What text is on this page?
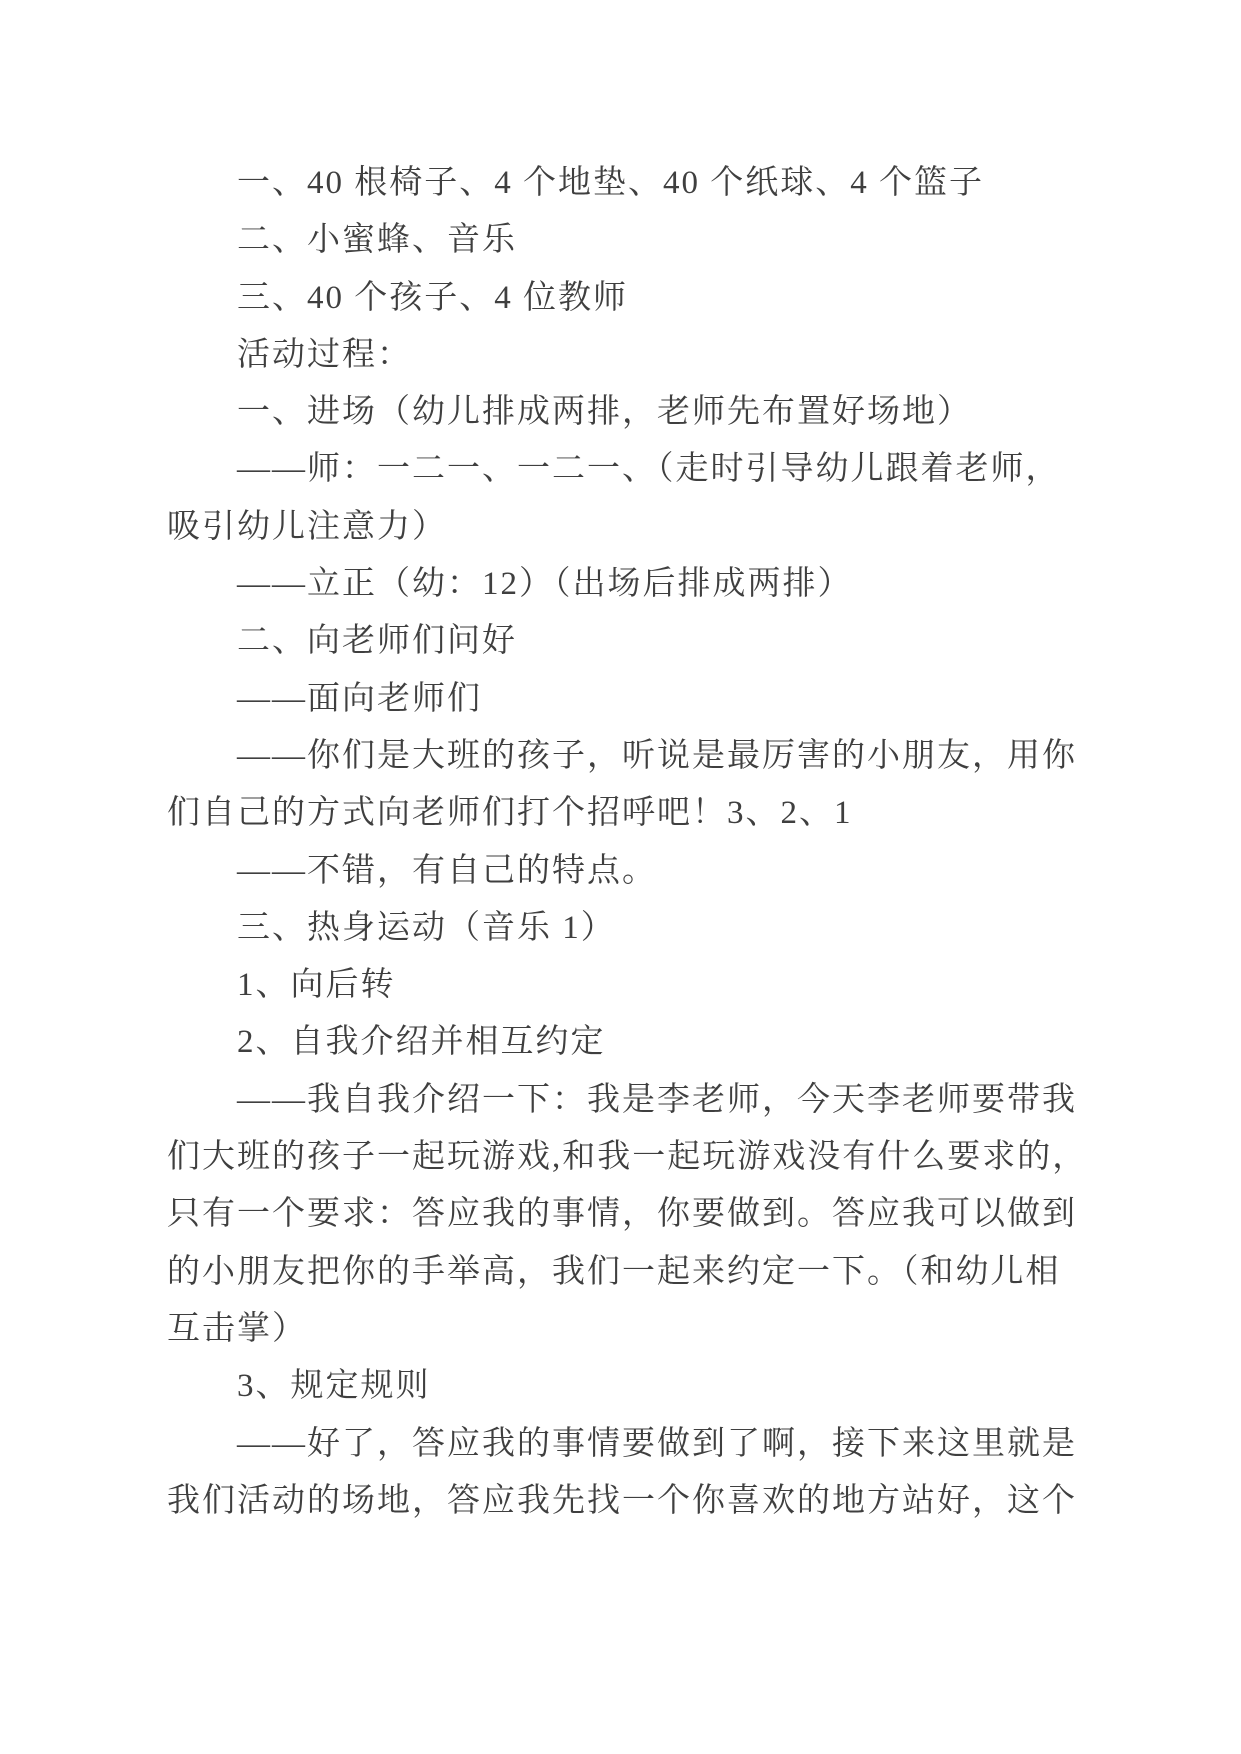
一、40 根椅子、4 个地垫、40 个纸球、4 个篮子

二、小蜜蜂、音乐

三、40 个孩子、4 位教师

活动过程：

一、进场（幼儿排成两排，老师先布置好场地）

——师：一二一、一二一、（走时引导幼儿跟着老师，

吸引幼儿注意力）

——立正（幼：12）（出场后排成两排）

二、向老师们问好

——面向老师们

——你们是大班的孩子，听说是最厉害的小朋友，用你

们自己的方式向老师们打个招呼吧！3、2、1

——不错，有自己的特点。

三、热身运动（音乐 1）

1、向后转

2、自我介绍并相互约定

——我自我介绍一下：我是李老师，今天李老师要带我

们大班的孩子一起玩游戏,和我一起玩游戏没有什么要求的，

只有一个要求：答应我的事情，你要做到。答应我可以做到

的小朋友把你的手举高，我们一起来约定一下。（和幼儿相

互击掌）

3、规定规则

——好了，答应我的事情要做到了啊，接下来这里就是

我们活动的场地，答应我先找一个你喜欢的地方站好，这个
